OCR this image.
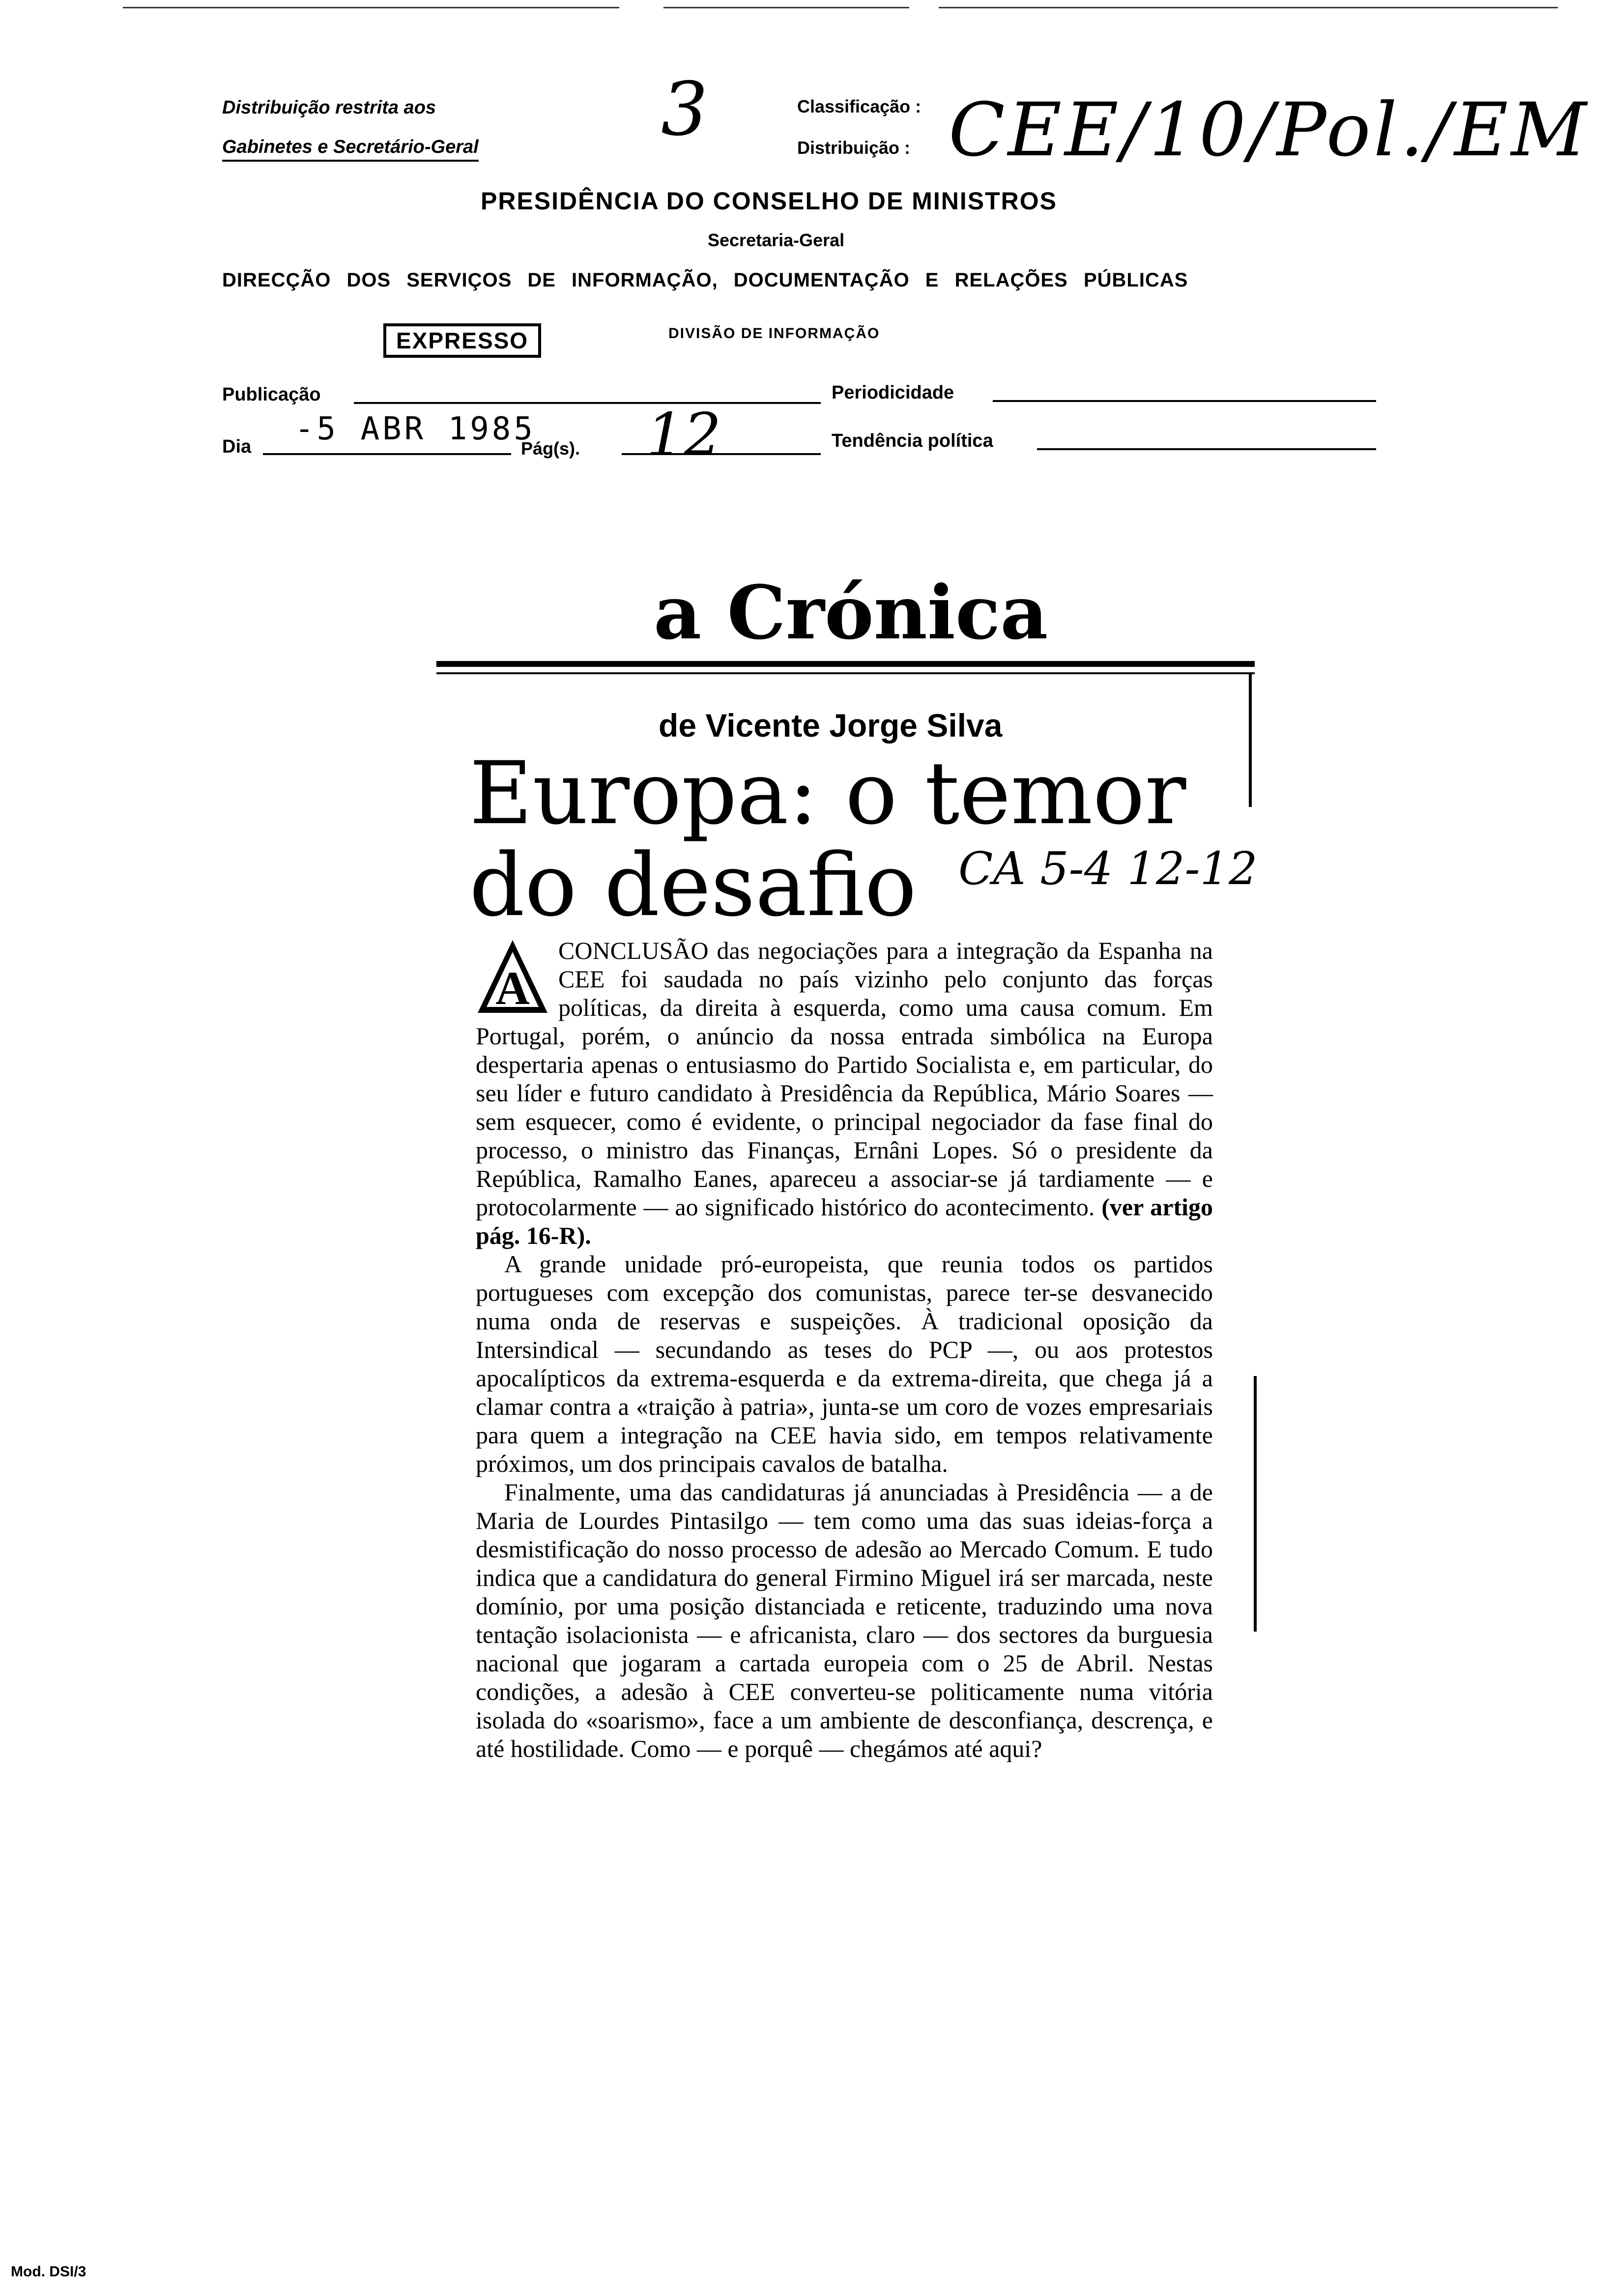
Distribuição restrita aos
Gabinetes e Secretário-Geral 3	Classificação :
Distribuição : CEE/10/Pol./EM
PRESIDÊNCIA DO CONSELHO DE MINISTROS
Secretaria-Geral
DIRECÇÃO DOS SERVIÇOS DE INFORMAÇÃO, DOCUMENTAÇÃO E RELAÇÕES PÚBLICAS
EXPRESSO	DIVISÃO DE INFORMAÇÃO
Publicação	Periodicidade
Dia -5 ABR 1985
Pág(s). 12	Tendência política
a Crónica
de Vicente Jorge Silva
Europa: o temor
do desafio CA 5-4 12-12

A
CONCLUSÃO das negociações para a integração da Espanha na CEE foi saudada no país vizinho pelo conjunto das forças políticas, da direita à esquerda, como uma causa comum. Em Portugal, porém, o anúncio da nossa entrada simbólica na Europa despertaria apenas o entusiasmo do Partido Socialista e, em particular, do seu líder e futuro candidato à Presidência da República, Mário Soares — sem esquecer, como é evidente, o principal negociador da fase final do processo, o ministro das Finanças, Ernâni Lopes. Só o presidente da República, Ramalho Eanes, apareceu a associar-se já tardiamente — e protocolarmente — ao significado histórico do acontecimento. (ver artigo pág. 16-R).

A grande unidade pró-europeista, que reunia todos os partidos portugueses com excepção dos comunistas, parece ter-se desvanecido numa onda de reservas e suspeições. À tradicional oposição da Intersindical — secundando as teses do PCP —, ou aos protestos apocalípticos da extrema-esquerda e da extrema-direita, que chega já a clamar contra a «traição à patria», junta-se um coro de vozes empresariais para quem a integração na CEE havia sido, em tempos relativamente próximos, um dos principais cavalos de batalha.

Finalmente, uma das candidaturas já anunciadas à Presidência — a de Maria de Lourdes Pintasilgo — tem como uma das suas ideias-força a desmistificação do nosso processo de adesão ao Mercado Comum. E tudo indica que a candidatura do general Firmino Miguel irá ser marcada, neste domínio, por uma posição distanciada e reticente, traduzindo uma nova tentação isolacionista — e africanista, claro — dos sectores da burguesia nacional que jogaram a cartada europeia com o 25 de Abril. Nestas condições, a adesão à CEE converteu-se politicamente numa vitória isolada do «soarismo», face a um ambiente de desconfiança, descrença, e até hostilidade. Como — e porquê — chegámos até aqui?

Mod. DSI/3
